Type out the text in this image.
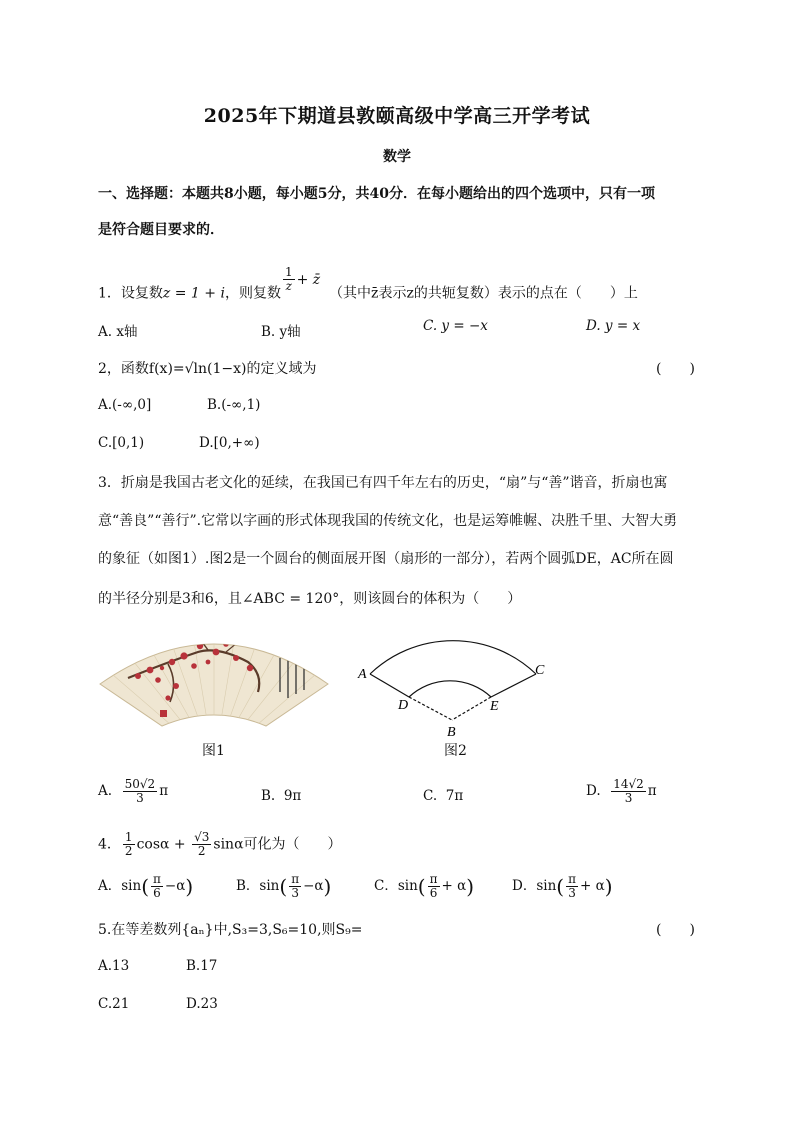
2025年下期道县敦颐高级中学高三开学考试
数学
一、选择题：本题共8小题，每小题5分，共40分．在每小题给出的四个选项中，只有一项
是符合题目要求的．
1．设复数z = 1 + i，则复数
$\frac{1}{z}$ + z̄  （其中z̄表示z的共轭复数）表示的点在（　　）上
A. x轴	B. y轴	C. y = −x	D. y = x
2，函数f(x)=√ln(1−x)的定义域为	(　　)
A.(-∞,0]	B.(-∞,1)
C.[0,1)	D.[0,+∞)
3．折扇是我国古老文化的延续，在我国已有四千年左右的历史，“扇”与“善”谐音，折扇也寓
意“善良”“善行”.它常以字画的形式体现我国的传统文化，也是运筹帷幄、决胜千里、大智大勇
的象征（如图1）.图2是一个圆台的侧面展开图（扇形的一部分），若两个圆弧DE，AC所在圆
的半径分别是3和6，且∠ABC = 120°，则该圆台的体积为（　　）
图1
A	C
D	E
B
图2
A. $\frac{50√2}{3}$ π	B. 9π	C. 7π	D. $\frac{14√2}{3}$ π
4． $\frac{1}{2}$ $\cos\alpha + \frac{√3}{2}$ sinα可化为（　　）
A．$\sin( \frac{\pi}{6} -\alpha)$	B．$\sin( \frac{\pi}{3} -\alpha)$	C．$\sin( \frac{\pi}{6} + \alpha)$	D．$\sin( \frac{\pi}{3} + \alpha)$
5.在等差数列{aₙ}中,S₃=3,S₆=10,则S₉=	(　　)
A.13	B.17
C.21	D.23
